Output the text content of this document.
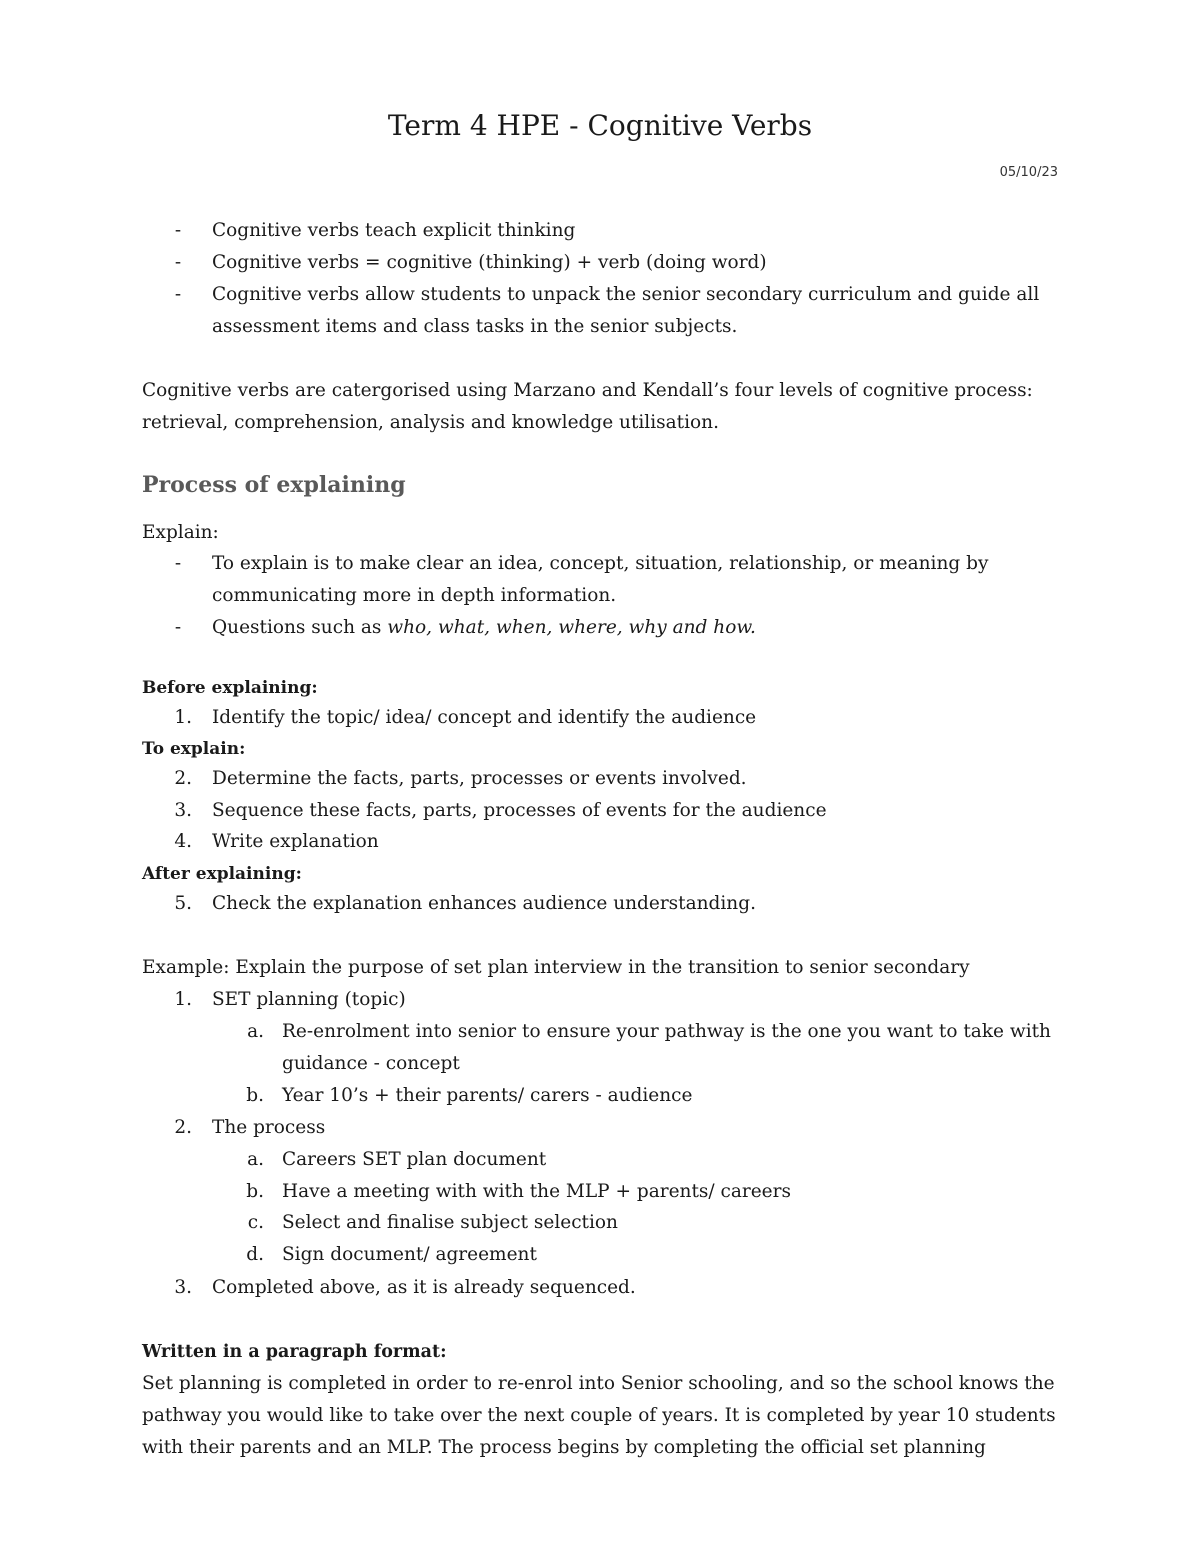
Term 4 HPE - Cognitive Verbs
05/10/23
-	Cognitive verbs teach explicit thinking
-	Cognitive verbs = cognitive (thinking) + verb (doing word)
-	Cognitive verbs allow students to unpack the senior secondary curriculum and guide all
assessment items and class tasks in the senior subjects.
Cognitive verbs are catergorised using Marzano and Kendall’s four levels of cognitive process:
retrieval, comprehension, analysis and knowledge utilisation.
Process of explaining
Explain:
-	To explain is to make clear an idea, concept, situation, relationship, or meaning by
communicating more in depth information.
-	Questions such as who, what, when, where, why and how.
Before explaining:
1. Identify the topic/ idea/ concept and identify the audience
To explain:
2. Determine the facts, parts, processes or events involved.
3. Sequence these facts, parts, processes of events for the audience
4. Write explanation
After explaining:
5. Check the explanation enhances audience understanding.
Example: Explain the purpose of set plan interview in the transition to senior secondary
1. SET planning (topic)
a. Re-enrolment into senior to ensure your pathway is the one you want to take with
guidance - concept
b. Year 10’s + their parents/ carers - audience
2. The process
a. Careers SET plan document
b. Have a meeting with with the MLP + parents/ careers
c. Select and finalise subject selection
d. Sign document/ agreement
3. Completed above, as it is already sequenced.
Written in a paragraph format:
Set planning is completed in order to re-enrol into Senior schooling, and so the school knows the
pathway you would like to take over the next couple of years. It is completed by year 10 students
with their parents and an MLP. The process begins by completing the official set planning
